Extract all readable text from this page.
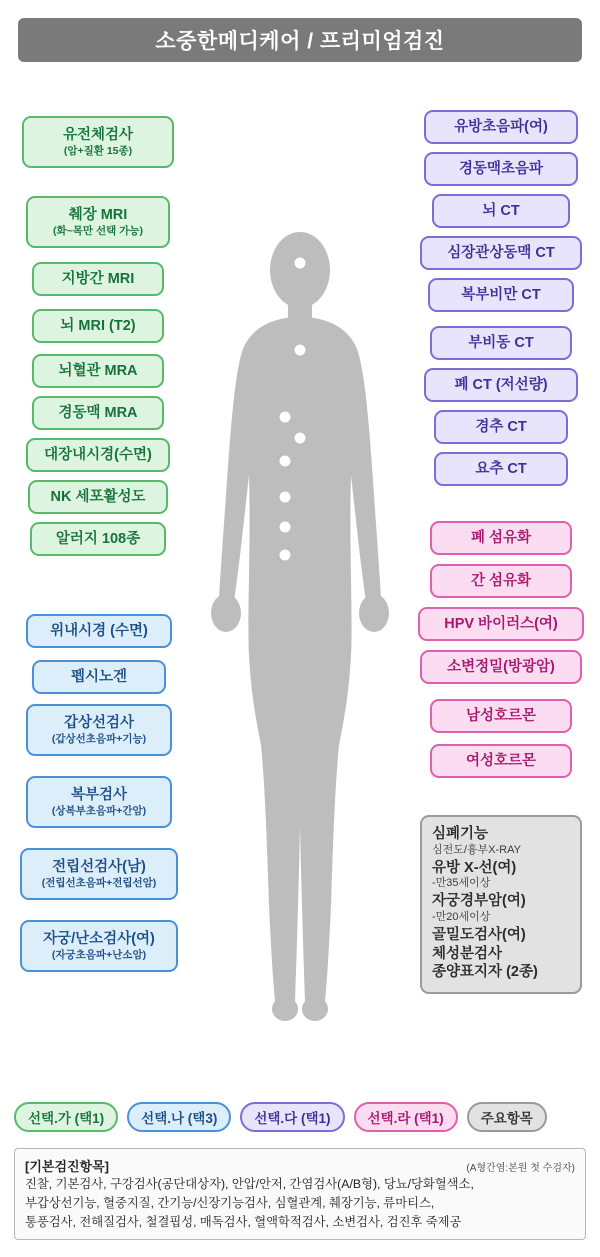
소중한메디케어 / 프리미엄검진
유전체검사
(암+질환 15종)
췌장 MRI
(화~목만 선택 가능)
지방간 MRI
뇌 MRI (T2)
뇌혈관 MRA
경동맥 MRA
대장내시경(수면)
NK 세포활성도
알러지 108종
위내시경 (수면)
펩시노겐
갑상선검사
(갑상선초음파+기능)
복부검사
(상복부초음파+간암)
전립선검사(남)
(전립선초음파+전립선암)
자궁/난소검사(여)
(자궁초음파+난소암)
유방초음파(여)
경동맥초음파
뇌 CT
심장관상동맥 CT
복부비만 CT
부비동 CT
폐 CT (저선량)
경추 CT
요추 CT
폐 섬유화
간 섬유화
HPV 바이러스(여)
소변정밀(방광암)
남성호르몬
여성호르몬
심폐기능
심전도/흉부X-RAY
유방 X-선(여)
-만35세이상
자궁경부암(여)
-만20세이상
골밀도검사(여)
체성분검사
종양표지자 (2종)
선택.가 (택1)	선택.나 (택3)	선택.다 (택1)	선택.라 (택1)	주요항목
[기본검진항목]	(A형간염:본원 첫 수검자)
진찰, 기본검사, 구강검사(공단대상자), 안압/안저, 간염검사(A/B형), 당뇨/당화혈색소,
부갑상선기능, 혈중지질, 간기능/신장기능검사, 심혈관계, 췌장기능, 류마티스,
통풍검사, 전해질검사, 철결핍성, 매독검사, 혈액학적검사, 소변검사, 검진후 죽제공
